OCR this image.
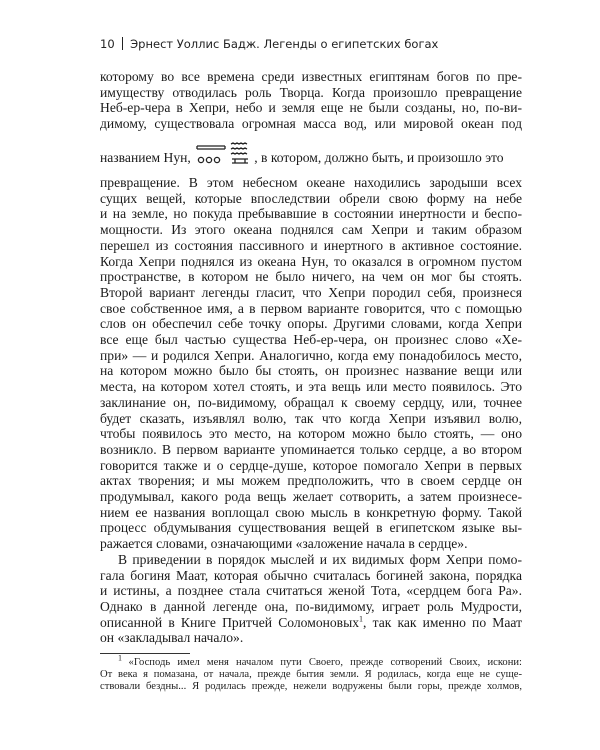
10 Эрнест Уоллис Бадж. Легенды о египетских богах
которому во все времена среди известных египтянам богов по пре-
имуществу отводилась роль Творца. Когда произошло превращение
Неб-ер-чера в Хепри, небо и земля еще не были созданы, но, по-ви-
димому, существовала огромная масса вод, или мировой океан под
названием Нун,	, в котором, должно быть, и произошло это
превращение. В этом небесном океане находились зародыши всех
сущих вещей, которые впоследствии обрели свою форму на небе
и на земле, но покуда пребывавшие в состоянии инертности и беспо-
мощности. Из этого океана поднялся сам Хепри и таким образом
перешел из состояния пассивного и инертного в активное состояние.
Когда Хепри поднялся из океана Нун, то оказался в огромном пустом
пространстве, в котором не было ничего, на чем он мог бы стоять.
Второй вариант легенды гласит, что Хепри породил себя, произнеся
свое собственное имя, а в первом варианте говорится, что с помощью
слов он обеспечил себе точку опоры. Другими словами, когда Хепри
все еще был частью существа Неб-ер-чера, он произнес слово «Хе-
при» — и родился Хепри. Аналогично, когда ему понадобилось место,
на котором можно было бы стоять, он произнес название вещи или
места, на котором хотел стоять, и эта вещь или место появилось. Это
заклинание он, по-видимому, обращал к своему сердцу, или, точнее
будет сказать, изъявлял волю, так что когда Хепри изъявил волю,
чтобы появилось это место, на котором можно было стоять, — оно
возникло. В первом варианте упоминается только сердце, а во втором
говорится также и о сердце-душе, которое помогало Хепри в первых
актах творения; и мы можем предположить, что в своем сердце он
продумывал, какого рода вещь желает сотворить, а затем произнесе-
нием ее названия воплощал свою мысль в конкретную форму. Такой
процесс обдумывания существования вещей в египетском языке вы-
ражается словами, означающими «заложение начала в сердце».
В приведении в порядок мыслей и их видимых форм Хепри помо-
гала богиня Маат, которая обычно считалась богиней закона, порядка
и истины, а позднее стала считаться женой Тота, «сердцем бога Ра».
Однако в данной легенде она, по-видимому, играет роль Мудрости,
описанной в Книге Притчей Соломоновых$^1$, так как именно по Маат
он «закладывал начало».
$^1$ «Господь имел меня началом пути Своего, прежде сотворений Своих, искони:
От века я помазана, от начала, прежде бытия земли. Я родилась, когда еще не суще-
ствовали бездны... Я родилась прежде, нежели водружены были горы, прежде холмов,
